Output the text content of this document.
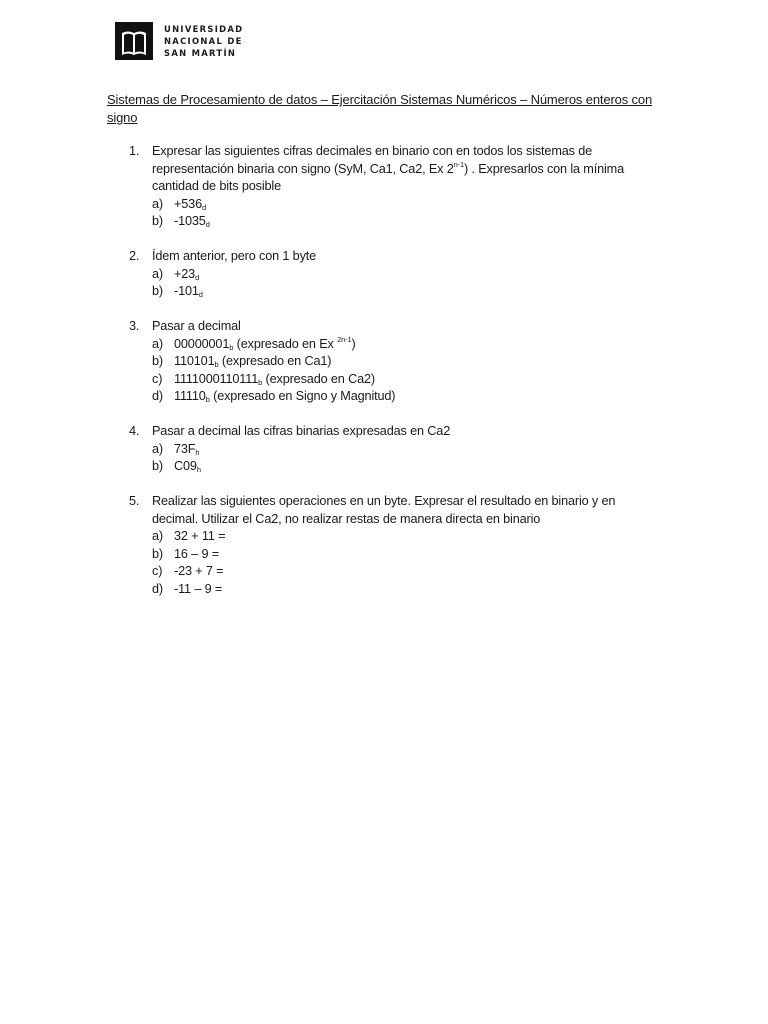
UNIVERSIDAD
NACIONAL DE
SAN MARTÍN
Sistemas de Procesamiento de datos – Ejercitación Sistemas Numéricos – Números enteros con signo
1.	Expresar las siguientes cifras decimales en binario con en todos los sistemas de representación binaria con signo (SyM, Ca1, Ca2, Ex 2$^{n-1}$) . Expresarlos con la mínima cantidad de bits posible
$a) +536_d$
b) $-1035_d$
2.	Ídem anterior, pero con 1 byte
$a) +23_d$
b) $-101_d$
3.	Pasar a decimal
a) $00000001_b$ (expresado en Ex $^{2n-1}$)
b) $110101_b$ (expresado en Ca1)
c) $1111000110111_b$ (expresado en Ca2)
d) $11110_b$ (expresado en Signo y Magnitud)
4.	Pasar a decimal las cifras binarias expresadas en Ca2
a) $73F_h$
b) $C09_h$
5.	Realizar las siguientes operaciones en un byte. Expresar el resultado en binario y en decimal. Utilizar el Ca2, no realizar restas de manera directa en binario
a) 32 + 11 =
b) 16 – 9 =
c) -23 + 7 =
d) -11 – 9 =
